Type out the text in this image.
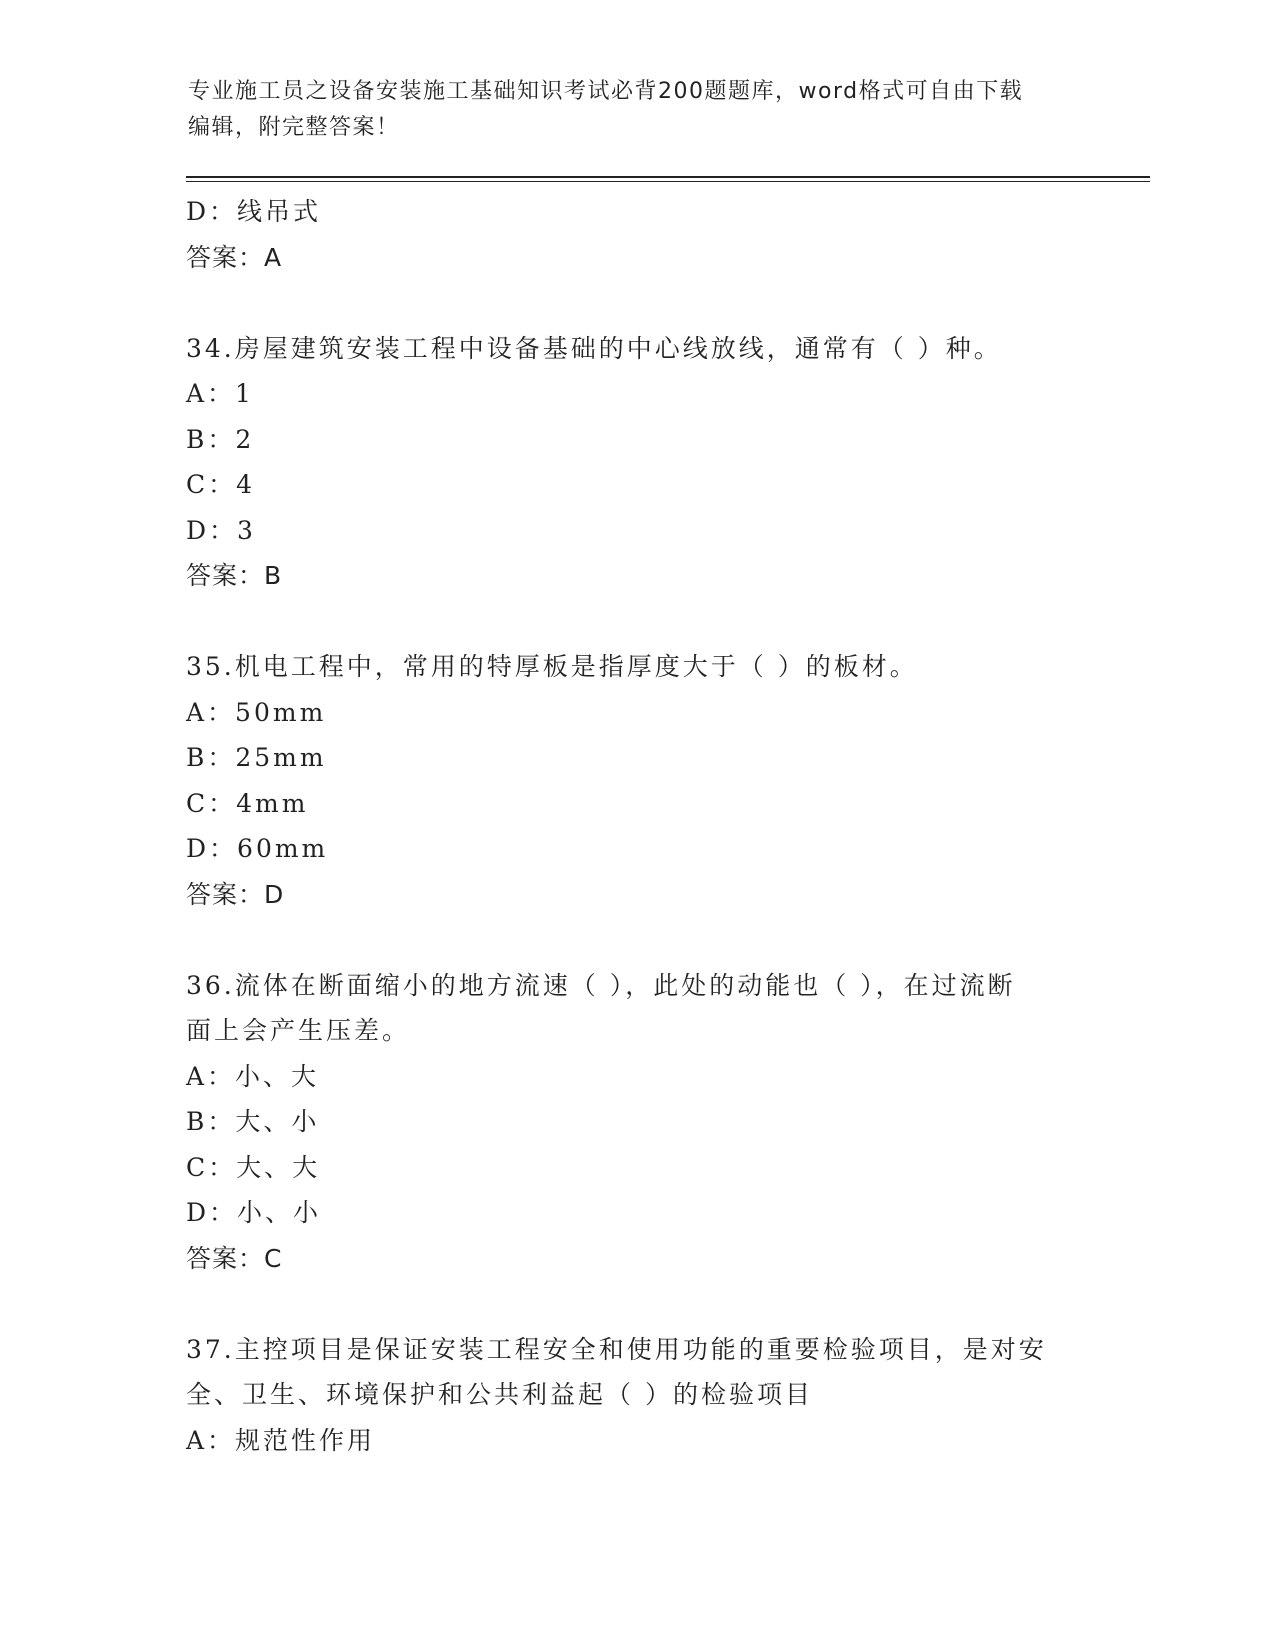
专业施工员之设备安装施工基础知识考试必背200题题库，word格式可自由下载
编辑，附完整答案！
D：线吊式
答案：A
34.房屋建筑安装工程中设备基础的中心线放线，通常有（ ）种。
A：1
B：2
C：4
D：3
答案：B
35.机电工程中，常用的特厚板是指厚度大于（ ）的板材。
A：50mm
B：25mm
C：4mm
D：60mm
答案：D
36.流体在断面缩小的地方流速（ ），此处的动能也（ ），在过流断
面上会产生压差。
A：小、大
B：大、小
C：大、大
D：小、小
答案：C
37.主控项目是保证安装工程安全和使用功能的重要检验项目，是对安
全、卫生、环境保护和公共利益起（ ）的检验项目
A：规范性作用
